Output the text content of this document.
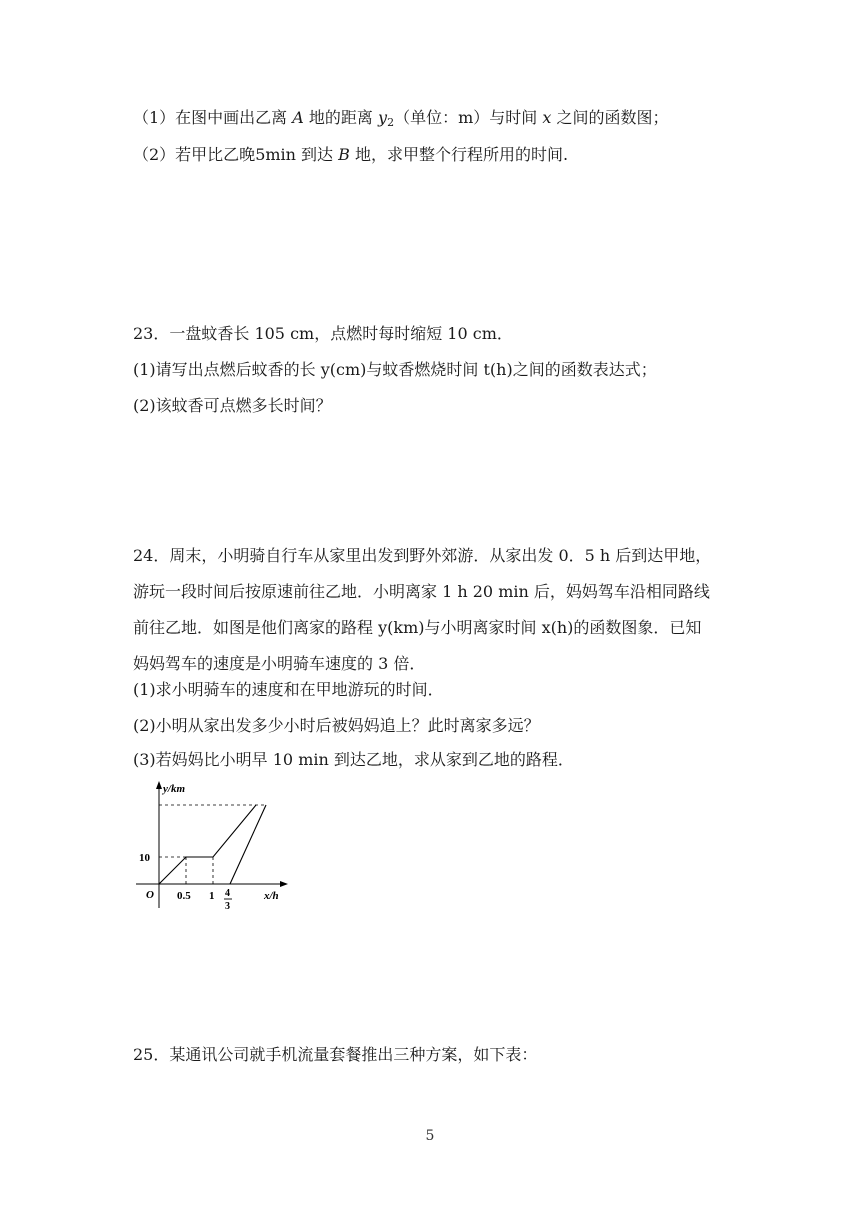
（1）在图中画出乙离 A 地的距离 $y_2$（单位：m）与时间 x 之间的函数图；
（2）若甲比乙晚5min 到达 B 地，求甲整个行程所用的时间.
23．一盘蚊香长 105 cm，点燃时每时缩短 10 cm．
(1)请写出点燃后蚊香的长 y(cm)与蚊香燃烧时间 t(h)之间的函数表达式；
(2)该蚊香可点燃多长时间？
24．周末，小明骑自行车从家里出发到野外郊游．从家出发 0．5 h 后到达甲地，
游玩一段时间后按原速前往乙地．小明离家 1 h 20 min 后，妈妈驾车沿相同路线
前往乙地．如图是他们离家的路程 y(km)与小明离家时间 x(h)的函数图象．已知
妈妈驾车的速度是小明骑车速度的 3 倍．
(1)求小明骑车的速度和在甲地游玩的时间．
(2)小明从家出发多少小时后被妈妈追上？此时离家多远？
(3)若妈妈比小明早 10 min 到达乙地，求从家到乙地的路程．
y/km
10
O 0.5 1 4
3
x/h
25．某通讯公司就手机流量套餐推出三种方案，如下表：
5
